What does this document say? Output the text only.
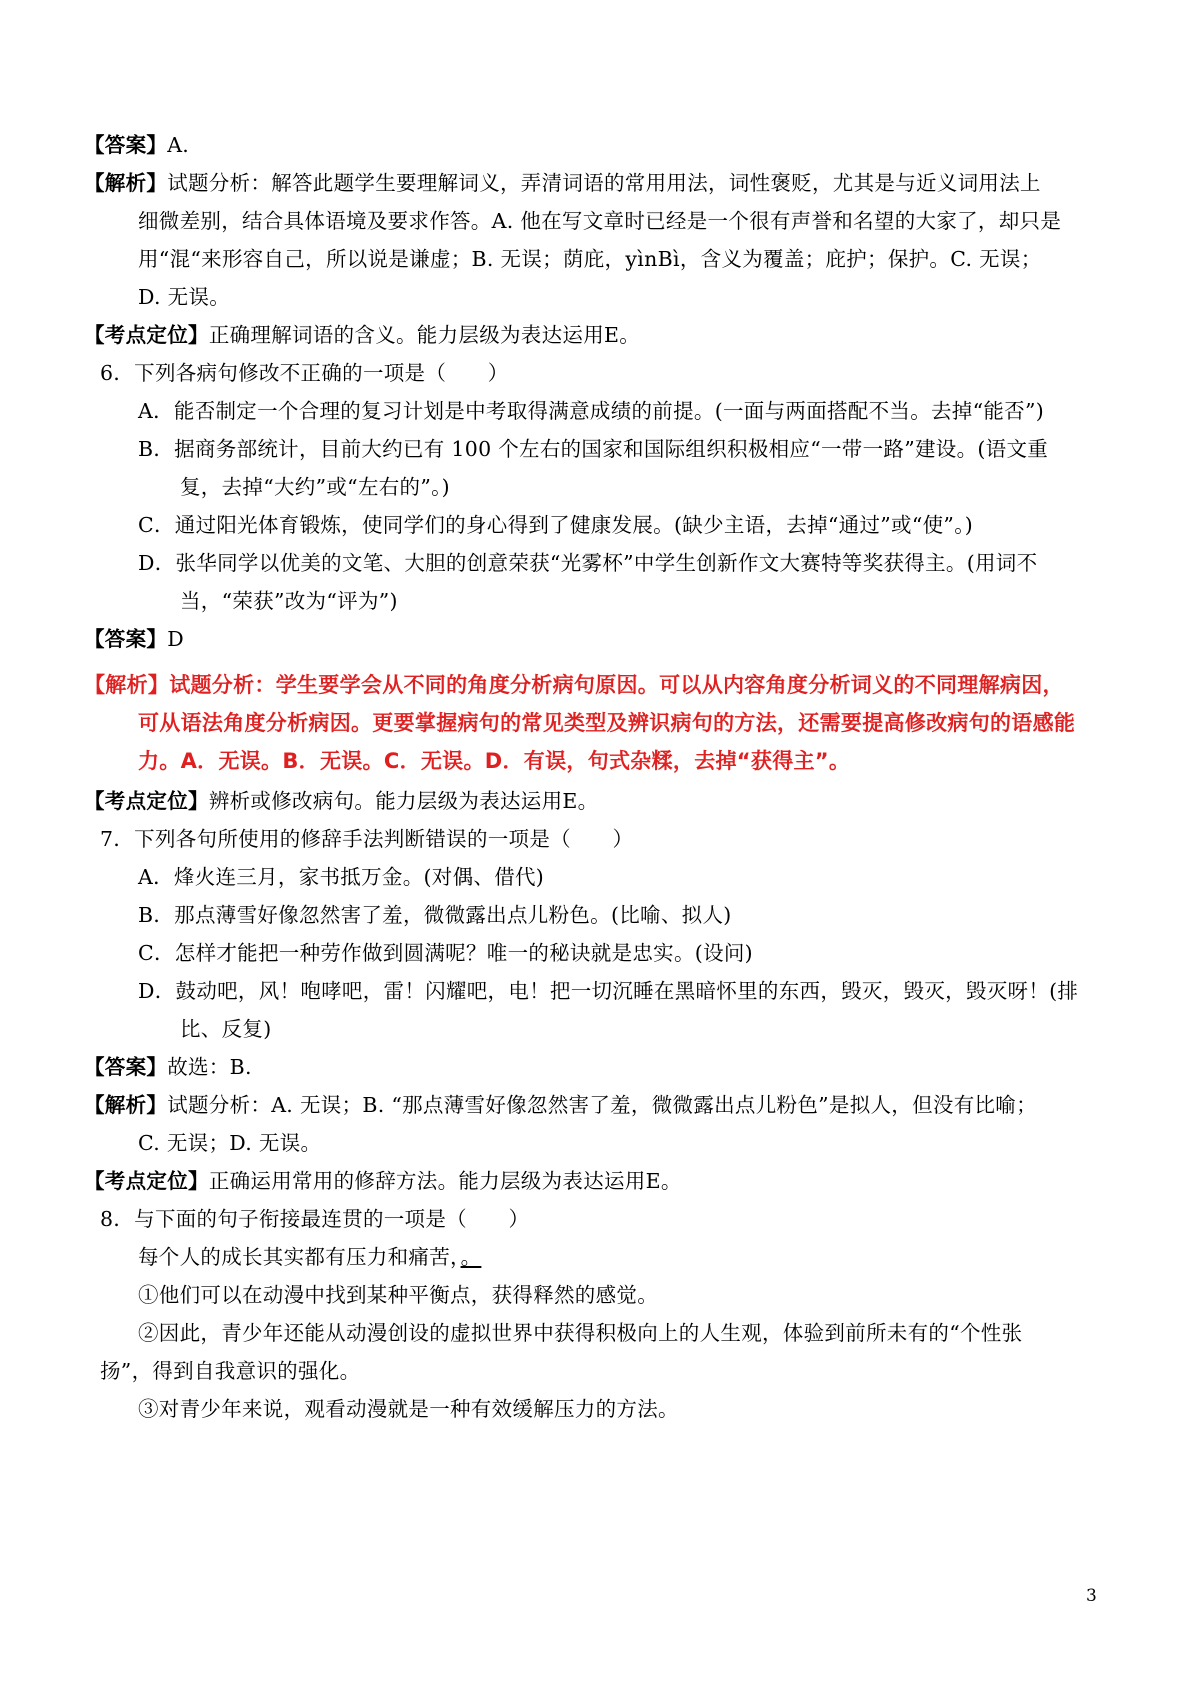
【答案】A.
【解析】试题分析：解答此题学生要理解词义，弄清词语的常用用法，词性褒贬，尤其是与近义词用法上
细微差别，结合具体语境及要求作答。A. 他在写文章时已经是一个很有声誉和名望的大家了，却只是
用“混“来形容自己，所以说是谦虚；B. 无误；荫庇，yìnBì，含义为覆盖；庇护；保护。C. 无误；
D. 无误。
【考点定位】正确理解词语的含义。能力层级为表达运用E。
6．下列各病句修改不正确的一项是（　　）
A．能否制定一个合理的复习计划是中考取得满意成绩的前提。(一面与两面搭配不当。去掉“能否”)
B．据商务部统计，目前大约已有 100 个左右的国家和国际组织积极相应“一带一路”建设。(语文重
复，去掉“大约”或“左右的”。)
C．通过阳光体育锻炼，使同学们的身心得到了健康发展。(缺少主语，去掉“通过”或“使”。)
D．张华同学以优美的文笔、大胆的创意荣获“光雾杯”中学生创新作文大赛特等奖获得主。(用词不
当，“荣获”改为“评为”)
【答案】D
【解析】试题分析：学生要学会从不同的角度分析病句原因。可以从内容角度分析词义的不同理解病因，
可从语法角度分析病因。更要掌握病句的常见类型及辨识病句的方法，还需要提高修改病句的语感能
力。A．无误。B．无误。C．无误。D．有误，句式杂糅，去掉“获得主”。
【考点定位】辨析或修改病句。能力层级为表达运用E。
7．下列各句所使用的修辞手法判断错误的一项是（　　）
A．烽火连三月，家书抵万金。(对偶、借代)
B．那点薄雪好像忽然害了羞，微微露出点儿粉色。(比喻、拟人)
C．怎样才能把一种劳作做到圆满呢？唯一的秘诀就是忠实。(设问)
D．鼓动吧，风！咆哮吧，雷！闪耀吧，电！把一切沉睡在黑暗怀里的东西，毁灭，毁灭，毁灭呀！(排
比、反复)
【答案】故选：B.
【解析】试题分析：A. 无误；B. “那点薄雪好像忽然害了羞，微微露出点儿粉色”是拟人，但没有比喻；
C. 无误；D. 无误。
【考点定位】正确运用常用的修辞方法。能力层级为表达运用E。
8．与下面的句子衔接最连贯的一项是（　　）
每个人的成长其实都有压力和痛苦，。
①他们可以在动漫中找到某种平衡点，获得释然的感觉。
②因此，青少年还能从动漫创设的虚拟世界中获得积极向上的人生观，体验到前所未有的“个性张
扬”，得到自我意识的强化。
③对青少年来说，观看动漫就是一种有效缓解压力的方法。
3
